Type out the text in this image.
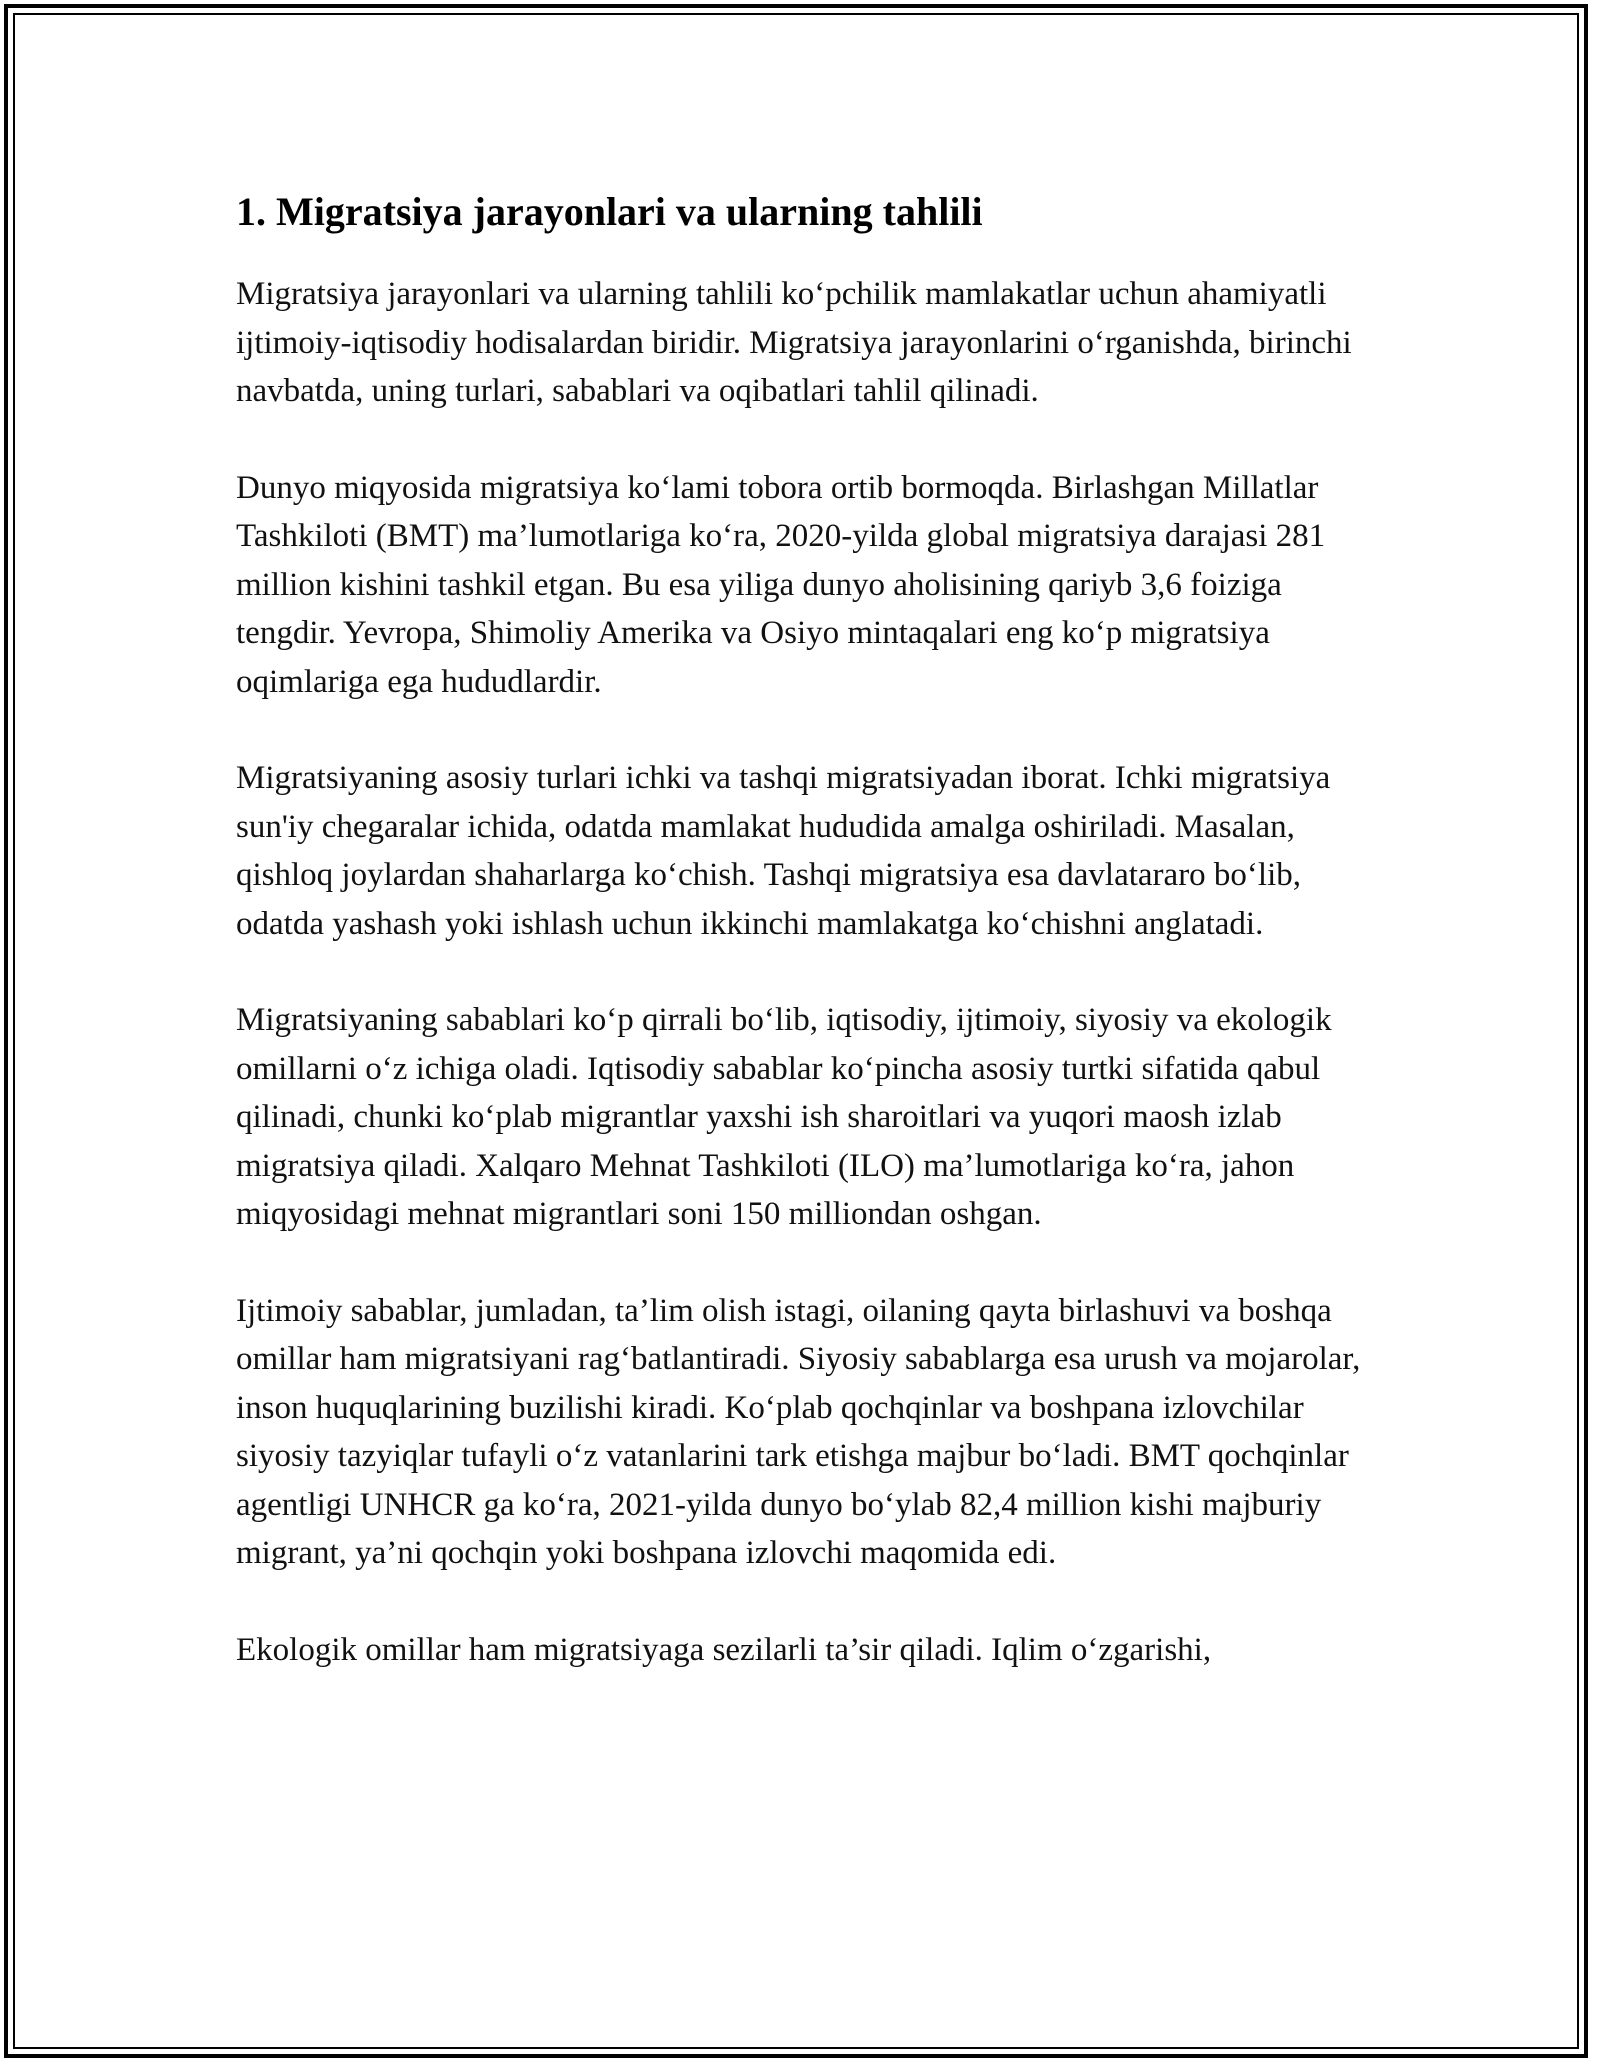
1. Migratsiya jarayonlari va ularning tahlili

Migratsiya jarayonlari va ularning tahlili ko‘pchilik mamlakatlar uchun ahamiyatli ijtimoiy-iqtisodiy hodisalardan biridir. Migratsiya jarayonlarini o‘rganishda, birinchi navbatda, uning turlari, sabablari va oqibatlari tahlil qilinadi.

Dunyo miqyosida migratsiya ko‘lami tobora ortib bormoqda. Birlashgan Millatlar Tashkiloti (BMT) ma’lumotlariga ko‘ra, 2020-yilda global migratsiya darajasi 281 million kishini tashkil etgan. Bu esa yiliga dunyo aholisining qariyb 3,6 foiziga tengdir. Yevropa, Shimoliy Amerika va Osiyo mintaqalari eng ko‘p migratsiya oqimlariga ega hududlardir.

Migratsiyaning asosiy turlari ichki va tashqi migratsiyadan iborat. Ichki migratsiya sun'iy chegaralar ichida, odatda mamlakat hududida amalga oshiriladi. Masalan, qishloq joylardan shaharlarga ko‘chish. Tashqi migratsiya esa davlatararo bo‘lib, odatda yashash yoki ishlash uchun ikkinchi mamlakatga ko‘chishni anglatadi.

Migratsiyaning sabablari ko‘p qirrali bo‘lib, iqtisodiy, ijtimoiy, siyosiy va ekologik omillarni o‘z ichiga oladi. Iqtisodiy sabablar ko‘pincha asosiy turtki sifatida qabul qilinadi, chunki ko‘plab migrantlar yaxshi ish sharoitlari va yuqori maosh izlab migratsiya qiladi. Xalqaro Mehnat Tashkiloti (ILO) ma’lumotlariga ko‘ra, jahon miqyosidagi mehnat migrantlari soni 150 milliondan oshgan.

Ijtimoiy sabablar, jumladan, ta’lim olish istagi, oilaning qayta birlashuvi va boshqa omillar ham migratsiyani rag‘batlantiradi. Siyosiy sabablarga esa urush va mojarolar, inson huquqlarining buzilishi kiradi. Ko‘plab qochqinlar va boshpana izlovchilar siyosiy tazyiqlar tufayli o‘z vatanlarini tark etishga majbur bo‘ladi. BMT qochqinlar agentligi UNHCR ga ko‘ra, 2021-yilda dunyo bo‘ylab 82,4 million kishi majburiy migrant, ya’ni qochqin yoki boshpana izlovchi maqomida edi.

Ekologik omillar ham migratsiyaga sezilarli ta’sir qiladi. Iqlim o‘zgarishi,
